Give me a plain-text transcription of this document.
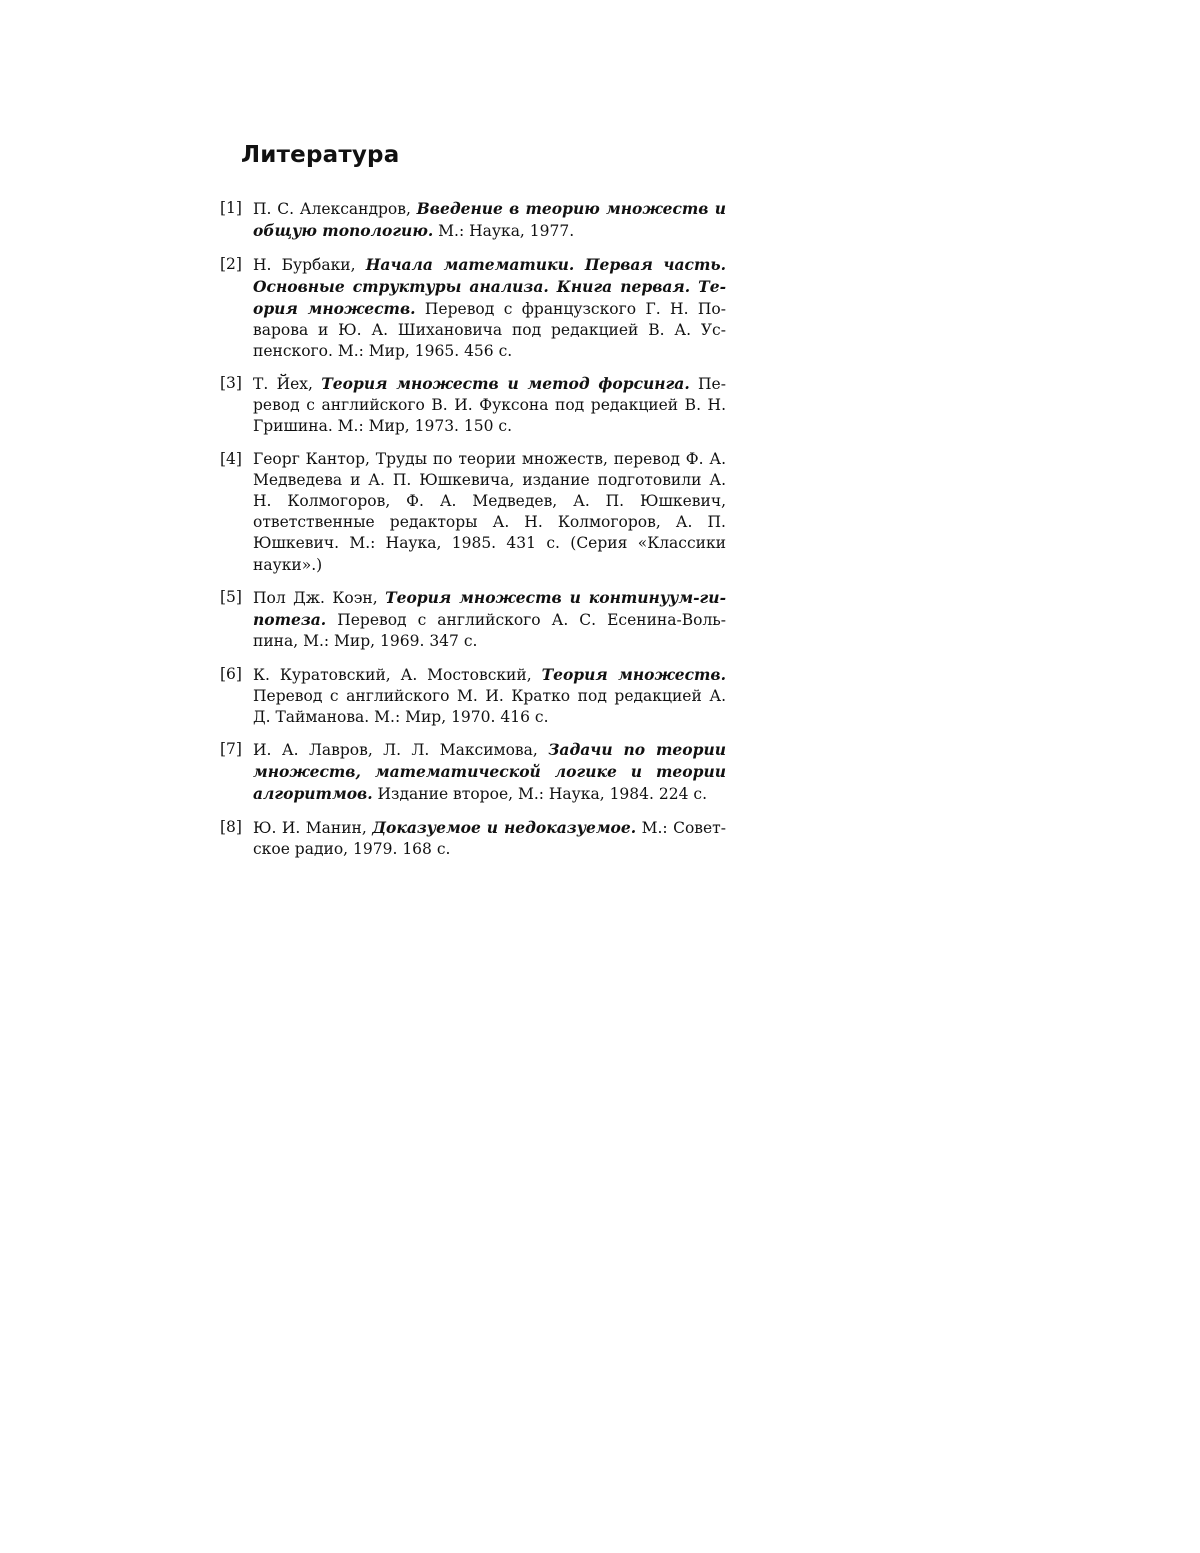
Литература
[1] П. С. Александров, Введение в теорию множеств и общую топологию. М.: Наука, 1977.
[2] Н. Бурбаки, Начала математики. Первая часть. Основные структуры анализа. Книга первая. Теория множеств. Перевод с французского Г. Н. Поварова и Ю. А. Шихановича под редакцией В. А. Успенского. М.: Мир, 1965. 456 с.
[3] Т. Йех, Теория множеств и метод форсинга. Перевод с английского В. И. Фуксона под редакцией В. Н. Гришина. М.: Мир, 1973. 150 с.
[4] Георг Кантор, Труды по теории множеств, перевод Ф. А. Медведева и А. П. Юшкевича, издание подготовили А. Н. Колмогоров, Ф. А. Медведев, А. П. Юшкевич, ответственные редакторы А. Н. Колмогоров, А. П. Юшкевич. М.: Наука, 1985. 431 с. (Серия «Классики науки».)
[5] Пол Дж. Коэн, Теория множеств и континуум-гипотеза. Перевод с английского А. С. Есенина-Вольпина, М.: Мир, 1969. 347 с.
[6] К. Куратовский, А. Мостовский, Теория множеств. Перевод с английского М. И. Кратко под редакцией А. Д. Тайманова. М.: Мир, 1970. 416 с.
[7] И. А. Лавров, Л. Л. Максимова, Задачи по теории множеств, математической логике и теории алгоритмов. Издание второе, М.: Наука, 1984. 224 с.
[8] Ю. И. Манин, Доказуемое и недоказуемое. М.: Советское радио, 1979. 168 с.
